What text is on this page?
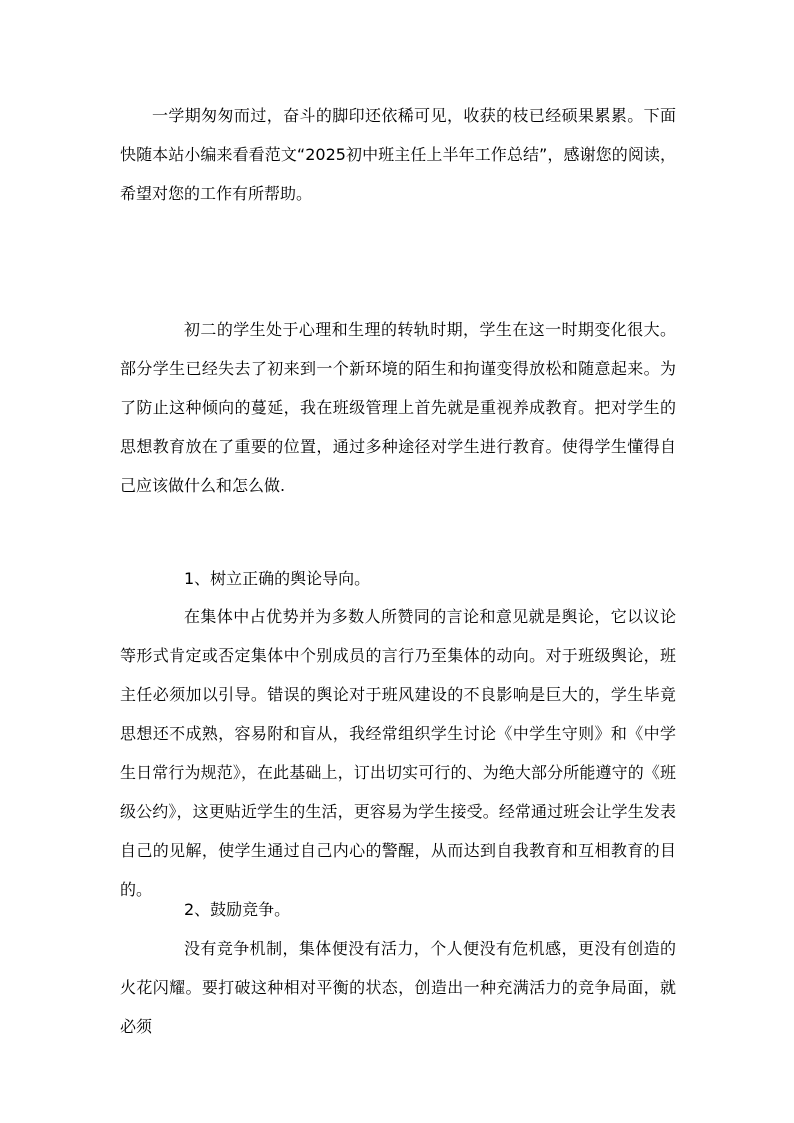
一学期匆匆而过，奋斗的脚印还依稀可见，收获的枝已经硕果累累。下面快随本站小编来看看范文“2025初中班主任上半年工作总结”，感谢您的阅读，希望对您的工作有所帮助。

初二的学生处于心理和生理的转轨时期，学生在这一时期变化很大。部分学生已经失去了初来到一个新环境的陌生和拘谨变得放松和随意起来。为了防止这种倾向的蔓延，我在班级管理上首先就是重视养成教育。把对学生的思想教育放在了重要的位置，通过多种途径对学生进行教育。使得学生懂得自己应该做什么和怎么做.

1、树立正确的舆论导向。

在集体中占优势并为多数人所赞同的言论和意见就是舆论，它以议论等形式肯定或否定集体中个别成员的言行乃至集体的动向。对于班级舆论，班主任必须加以引导。错误的舆论对于班风建设的不良影响是巨大的，学生毕竟思想还不成熟，容易附和盲从，我经常组织学生讨论《中学生守则》和《中学生日常行为规范》，在此基础上，订出切实可行的、为绝大部分所能遵守的《班级公约》，这更贴近学生的生活，更容易为学生接受。经常通过班会让学生发表自己的见解，使学生通过自己内心的警醒，从而达到自我教育和互相教育的目的。

2、鼓励竞争。

没有竞争机制，集体便没有活力，个人便没有危机感，更没有创造的火花闪耀。要打破这种相对平衡的状态，创造出一种充满活力的竞争局面，就必须
